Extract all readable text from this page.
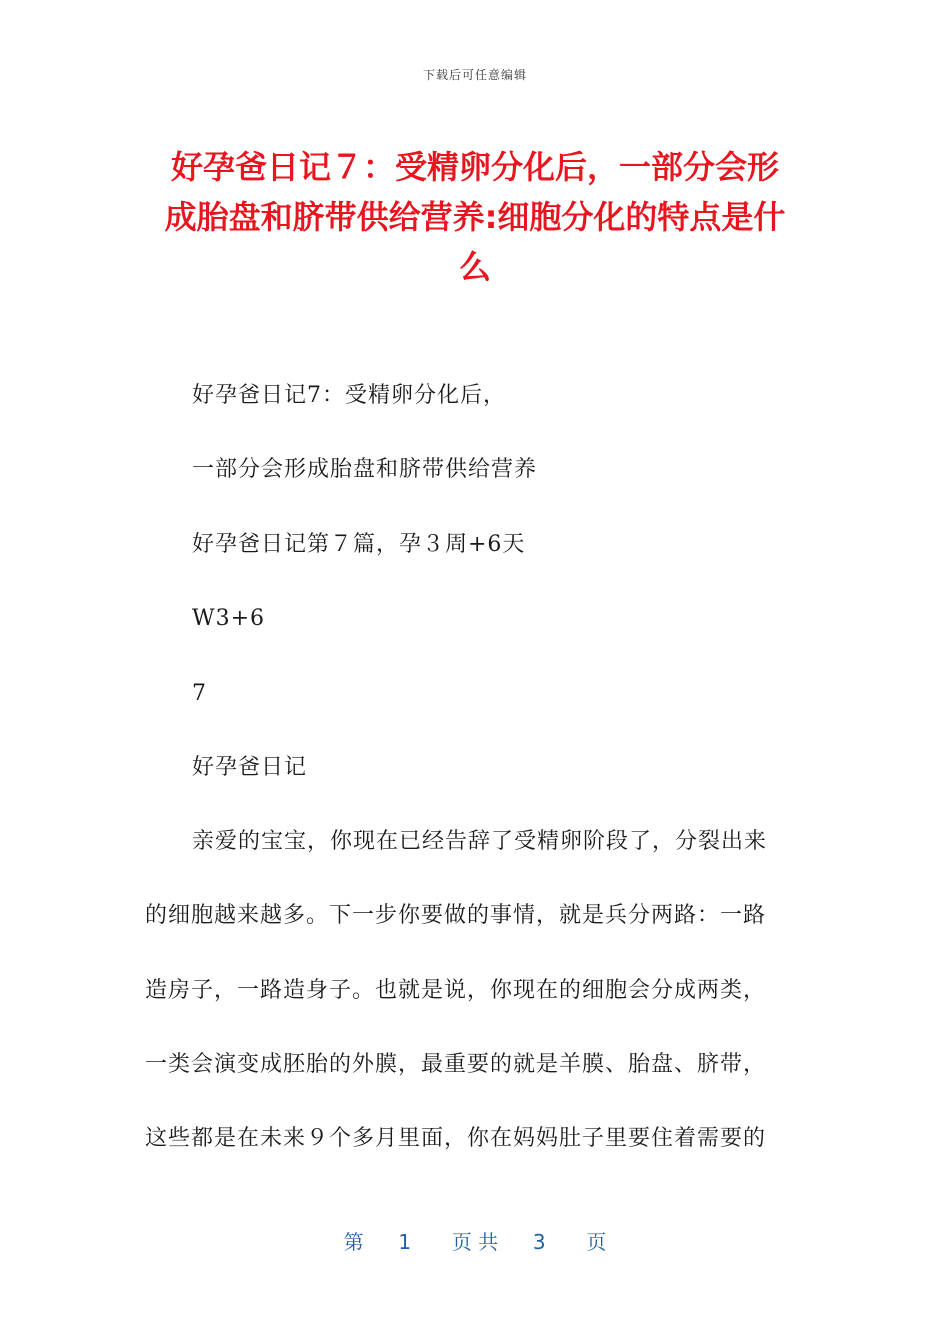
下载后可任意编辑
好孕爸日记７：受精卵分化后，一部分会形
成胎盘和脐带供给营养:细胞分化的特点是什
么

好孕爸日记7：受精卵分化后，

一部分会形成胎盘和脐带供给营养

好孕爸日记第７篇，孕３周+6天

W3+6

7

好孕爸日记

亲爱的宝宝，你现在已经告辞了受精卵阶段了，分裂出来

的细胞越来越多。下一步你要做的事情，就是兵分两路：一路

造房子，一路造身子。也就是说，你现在的细胞会分成两类，

一类会演变成胚胎的外膜，最重要的就是羊膜、胎盘、脐带，

这些都是在未来９个多月里面，你在妈妈肚子里要住着需要的

第 1 页 共 3 页
